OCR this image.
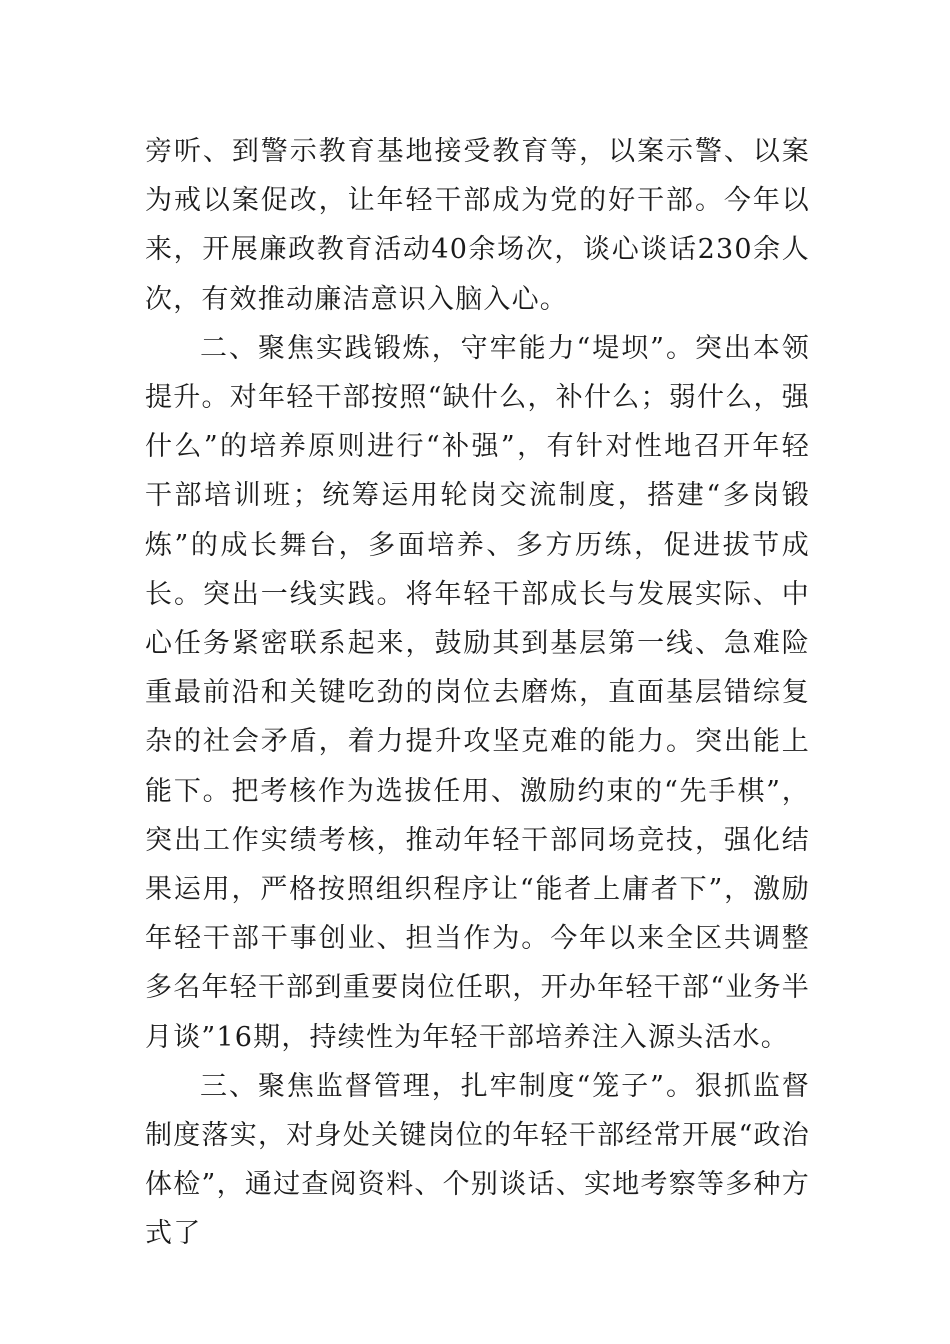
旁听、到警示教育基地接受教育等，以案示警、以案为戒以案促改，让年轻干部成为党的好干部。今年以来，开展廉政教育活动40余场次，谈心谈话230余人次，有效推动廉洁意识入脑入心。

二、聚焦实践锻炼，守牢能力“堤坝”。突出本领提升。对年轻干部按照“缺什么，补什么；弱什么，强什么”的培养原则进行“补强”，有针对性地召开年轻干部培训班；统筹运用轮岗交流制度，搭建“多岗锻炼”的成长舞台，多面培养、多方历练，促进拔节成长。突出一线实践。将年轻干部成长与发展实际、中心任务紧密联系起来，鼓励其到基层第一线、急难险重最前沿和关键吃劲的岗位去磨炼，直面基层错综复杂的社会矛盾，着力提升攻坚克难的能力。突出能上能下。把考核作为选拔任用、激励约束的“先手棋”，突出工作实绩考核，推动年轻干部同场竞技，强化结果运用，严格按照组织程序让“能者上庸者下”，激励年轻干部干事创业、担当作为。今年以来全区共调整多名年轻干部到重要岗位任职，开办年轻干部“业务半月谈”16期，持续性为年轻干部培养注入源头活水。

三、聚焦监督管理，扎牢制度“笼子”。狠抓监督制度落实，对身处关键岗位的年轻干部经常开展“政治体检”，通过查阅资料、个别谈话、实地考察等多种方式了
